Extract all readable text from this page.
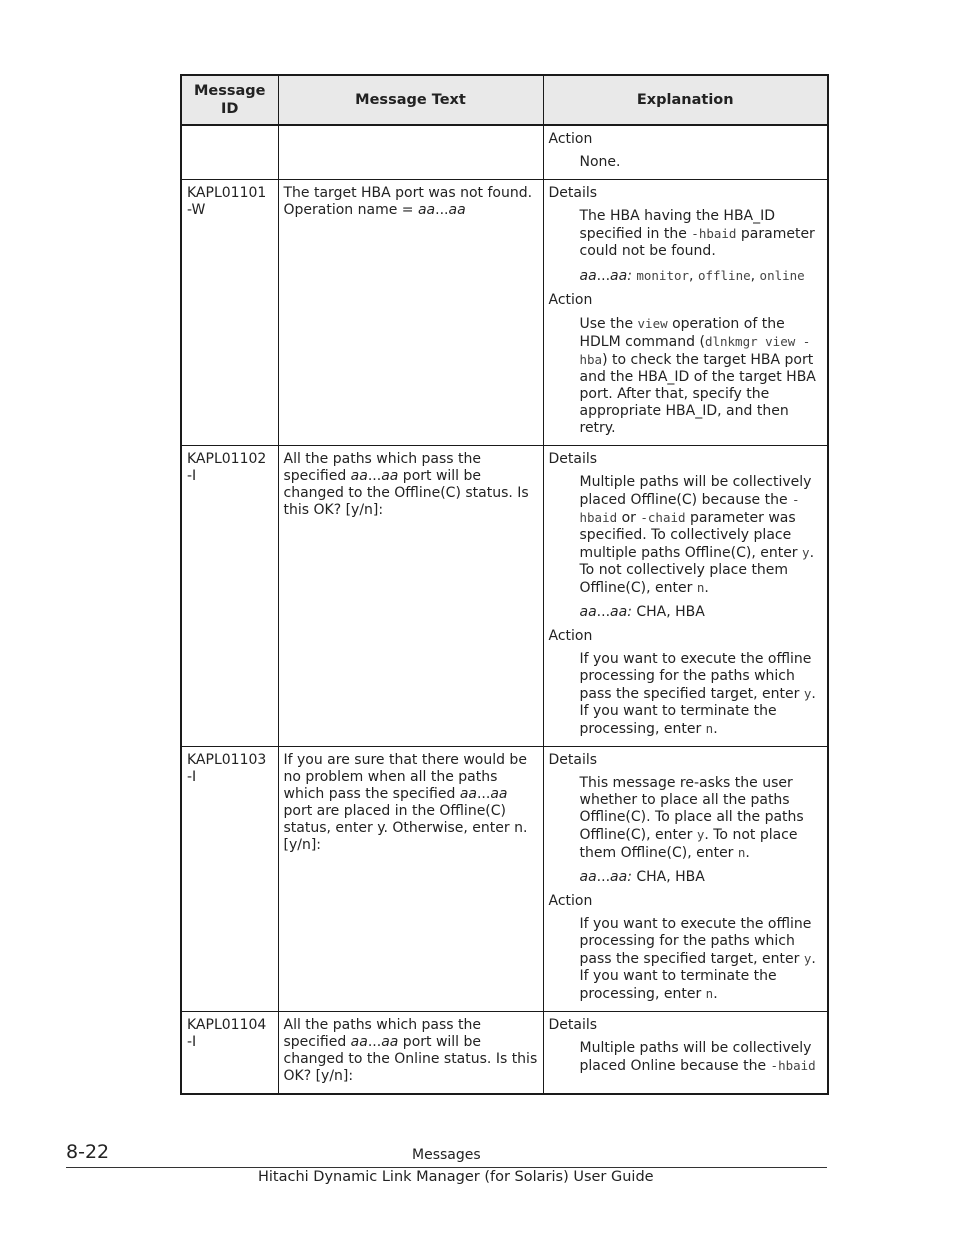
Message ID	Message Text	Explanation

		Action
None.

KAPL01101 -W	The target HBA port was not found. Operation name = aa...aa	Details
The HBA having the HBA_ID specified in the -hbaid parameter could not be found.
aa...aa: monitor, offline, online
Action
Use the view operation of the HDLM command (dlnkmgr view -hba) to check the target HBA port and the HBA_ID of the target HBA port. After that, specify the appropriate HBA_ID, and then retry.

KAPL01102 -I	All the paths which pass the specified aa...aa port will be changed to the Offline(C) status. Is this OK? [y/n]:	Details
Multiple paths will be collectively placed Offline(C) because the -hbaid or -chaid parameter was specified. To collectively place multiple paths Offline(C), enter y. To not collectively place them Offline(C), enter n.
aa...aa: CHA, HBA
Action
If you want to execute the offline processing for the paths which pass the specified target, enter y. If you want to terminate the processing, enter n.

KAPL01103 -I	If you are sure that there would be no problem when all the paths which pass the specified aa...aa port are placed in the Offline(C) status, enter y. Otherwise, enter n. [y/n]:	Details
This message re-asks the user whether to place all the paths Offline(C). To place all the paths Offline(C), enter y. To not place them Offline(C), enter n.
aa...aa: CHA, HBA
Action
If you want to execute the offline processing for the paths which pass the specified target, enter y. If you want to terminate the processing, enter n.

KAPL01104 -I	All the paths which pass the specified aa...aa port will be changed to the Online status. Is this OK? [y/n]:	Details
Multiple paths will be collectively placed Online because the -hbaid
8-22	Messages
Hitachi Dynamic Link Manager (for Solaris) User Guide
